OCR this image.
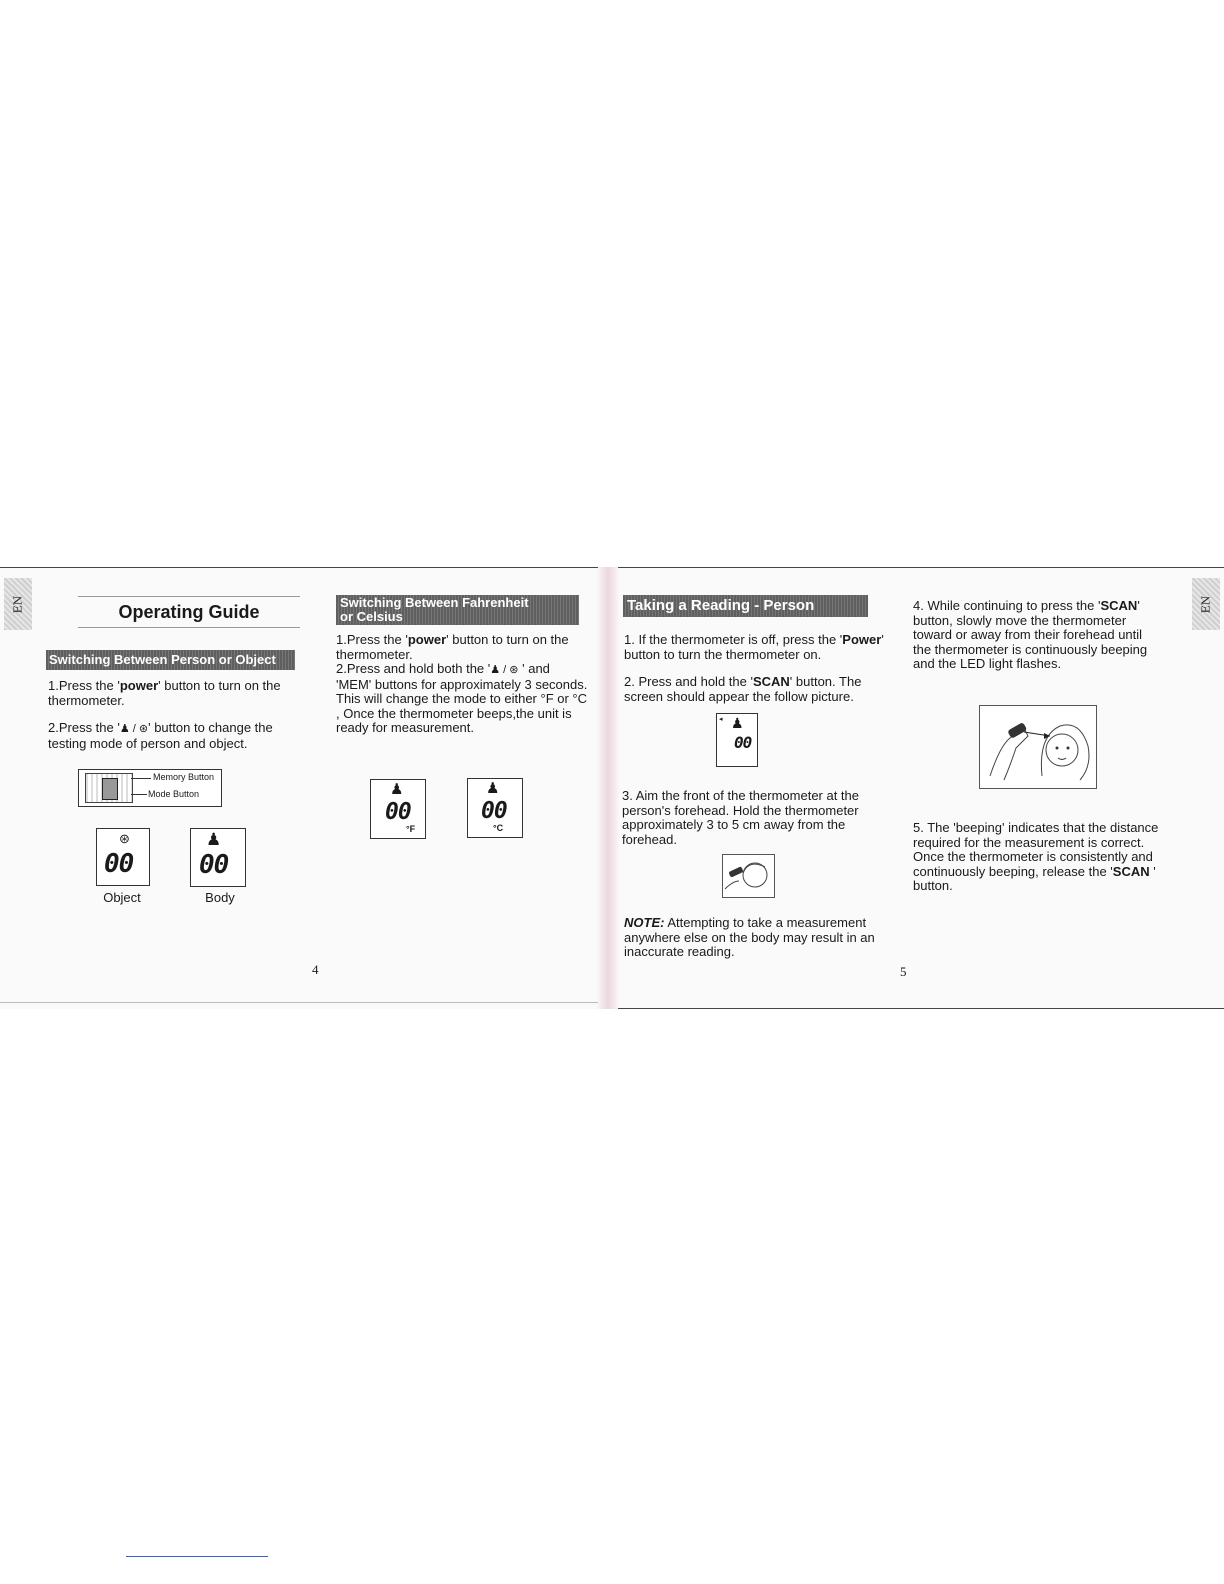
EN	EN
Operating Guide
Switching Between Person or Object

1.Press the 'power' button to turn on the thermometer.

2.Press the '♟ / ⊛' button to change the testing mode of person and object.

Memory Button
Mode Button
⊛
00
Object
♟
00
Body
4
Switching Between Fahrenheit
or Celsius

1.Press the 'power' button to turn on the thermometer.

2.Press and hold both the '♟ / ⊛ ' and 'MEM' buttons for approximately 3 seconds. This will change the mode to either °F or °C , Once the thermometer beeps,the unit is ready for measurement.

♟
00
°F
♟
00
°C
Taking a Reading - Person

1. If the thermometer is off, press the 'Power' button to turn the thermometer on.

2. Press and hold the 'SCAN' button. The screen should appear the follow picture.

◂ ♟
00

3. Aim the front of the thermometer at the person's forehead. Hold the thermometer approximately 3 to 5 cm away from the forehead.

NOTE: Attempting to take a measurement anywhere else on the body may result in an inaccurate reading.

5

4. While continuing to press the 'SCAN' button, slowly move the thermometer toward or away from their forehead until the thermometer is continuously beeping and the LED light flashes.

5. The 'beeping' indicates that the distance required for the measurement is correct. Once the thermometer is consistently and continuously beeping, release the 'SCAN ' button.
